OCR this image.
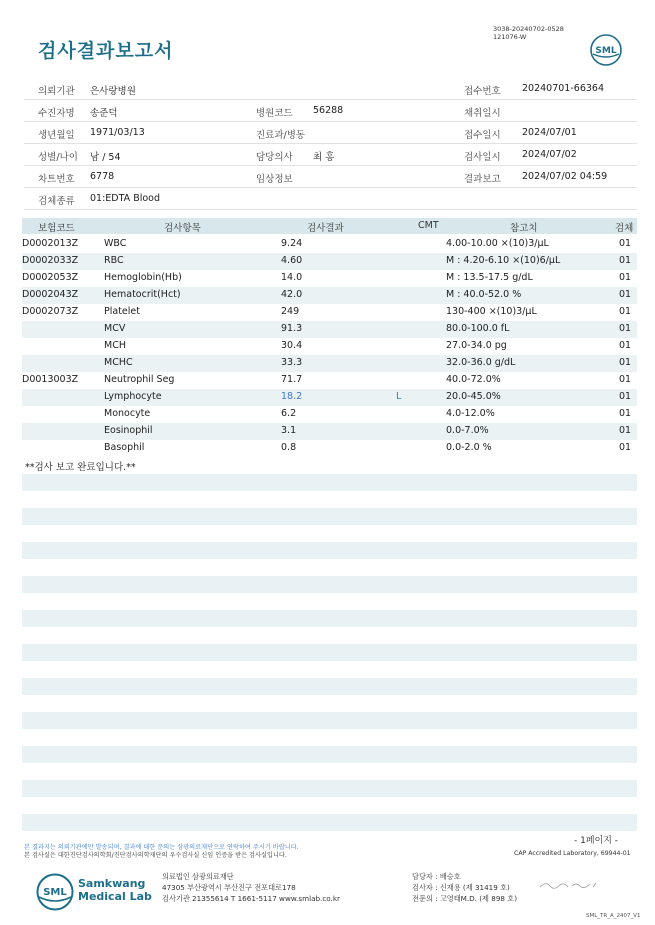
검사결과보고서
3038-20240702-0528
121076-W
SML
의뢰기관 은사랑병원	접수번호 20240701-66364
수진자명 송준덕	병원코드 56288	채취일시
생년월일 1971/03/13	진료과/병동	접수일시 2024/07/01
성별/나이 남 / 54	담당의사 최 홍	검사일시 2024/07/02
차트번호 6778	임상정보	결과보고 2024/07/02 04:59
검체종류 01:EDTA Blood
보험코드	검사항목	검사결과	CMT	참고치	검체
D0002013Z	WBC	9.24	4.00-10.00 ×(10)3/μL	01
D0002033Z	RBC	4.60	M : 4.20-6.10 ×(10)6/μL	01
D0002053Z	Hemoglobin(Hb)	14.0	M : 13.5-17.5 g/dL	01
D0002043Z	Hematocrit(Hct)	42.0	M : 40.0-52.0 %	01
D0002073Z	Platelet	249	130-400 ×(10)3/μL	01
MCV	91.3	80.0-100.0 fL	01
MCH	30.4	27.0-34.0 pg	01
MCHC	33.3	32.0-36.0 g/dL	01
D0013003Z	Neutrophil Seg	71.7	40.0-72.0%	01
Lymphocyte	18.2	L	20.0-45.0%	01
Monocyte	6.2	4.0-12.0%	01
Eosinophil	3.1	0.0-7.0%	01
Basophil	0.8	0.0-2.0 %	01
**검사 보고 완료입니다.**
- 1페이지 -
본 결과지는 의뢰기관에만 발송되며, 결과에 대한 문의는 삼광의료재단으로 연락하여 주시기 바랍니다.
본 검사실은 대한진단검사의학회/진단검사의학재단의 우수검사실 신임 인증을 받은 검사실입니다.	CAP Accredited Laboratory, 69944-01
SML
Samkwang
Medical Lab
의료법인 삼광의료재단
47305 부산광역시 부산진구 전포대로178
검사기관 21355614 T 1661-5117 www.smlab.co.kr
담당자 : 배승호
검사자 : 신재용 (제 31419 호)
전문의 : 고영태M.D. (제 898 호)
SML_TR_A_2407_V1
